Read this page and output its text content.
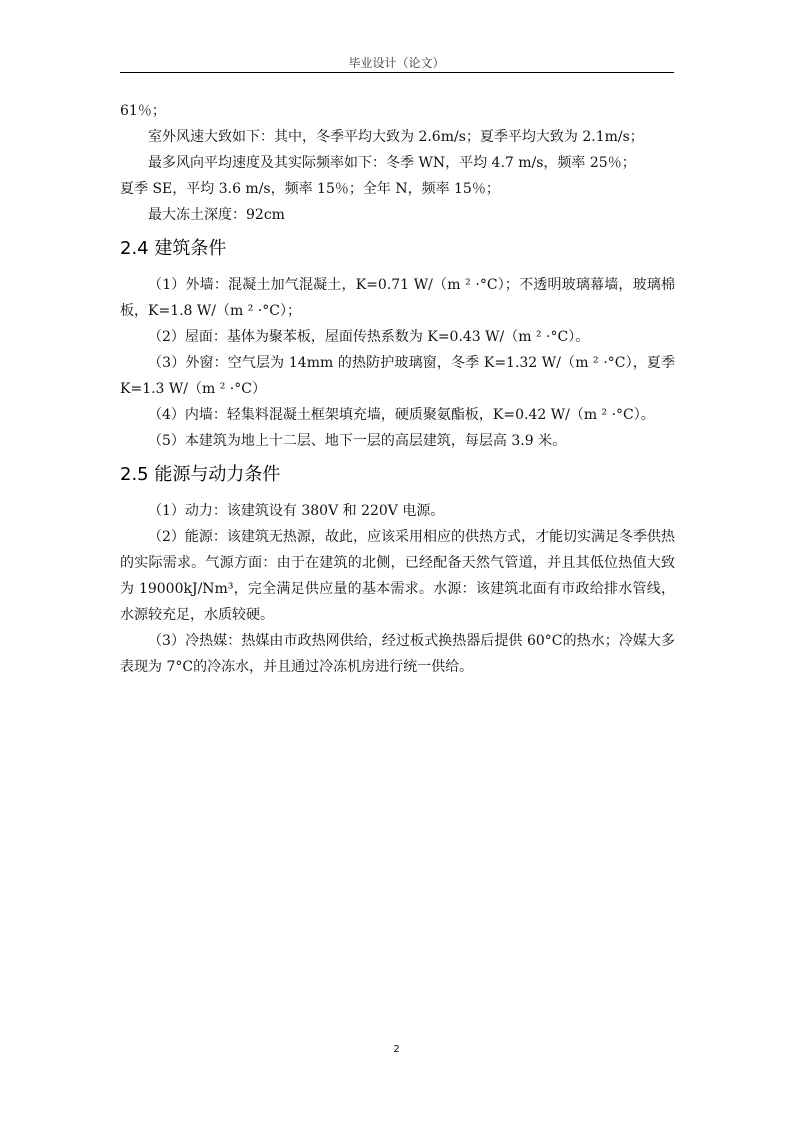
毕业设计（论文）

61％；

室外风速大致如下：其中，冬季平均大致为 2.6m/s；夏季平均大致为 2.1m/s；

最多风向平均速度及其实际频率如下：冬季 WN，平均 4.7 m/s，频率 25％；

夏季 SE，平均 3.6 m/s，频率 15％；全年 N，频率 15％；

最大冻土深度：92cm

2.4 建筑条件

（1）外墙：混凝土加气混凝土，K=0.71 W/（m ² ·°C）；不透明玻璃幕墙，玻璃棉板，K=1.8 W/（m ² ·°C）；

（2）屋面：基体为聚苯板，屋面传热系数为 K=0.43 W/（m ² ·°C）。

（3）外窗：空气层为 14mm 的热防护玻璃窗，冬季 K=1.32 W/（m ² ·°C），夏季 K=1.3 W/（m ² ·°C）

（4）内墙：轻集料混凝土框架填充墙，硬质聚氨酯板，K=0.42 W/（m ² ·°C）。

（5）本建筑为地上十二层、地下一层的高层建筑，每层高 3.9 米。

2.5 能源与动力条件

（1）动力：该建筑设有 380V 和 220V 电源。

（2）能源：该建筑无热源，故此，应该采用相应的供热方式，才能切实满足冬季供热的实际需求。气源方面：由于在建筑的北侧，已经配备天然气管道，并且其低位热值大致为 19000kJ/Nm³，完全满足供应量的基本需求。水源：该建筑北面有市政给排水管线，水源较充足，水质较硬。

（3）冷热媒：热媒由市政热网供给，经过板式换热器后提供 60°C的热水；冷媒大多表现为 7°C的冷冻水，并且通过冷冻机房进行统一供给。

2
